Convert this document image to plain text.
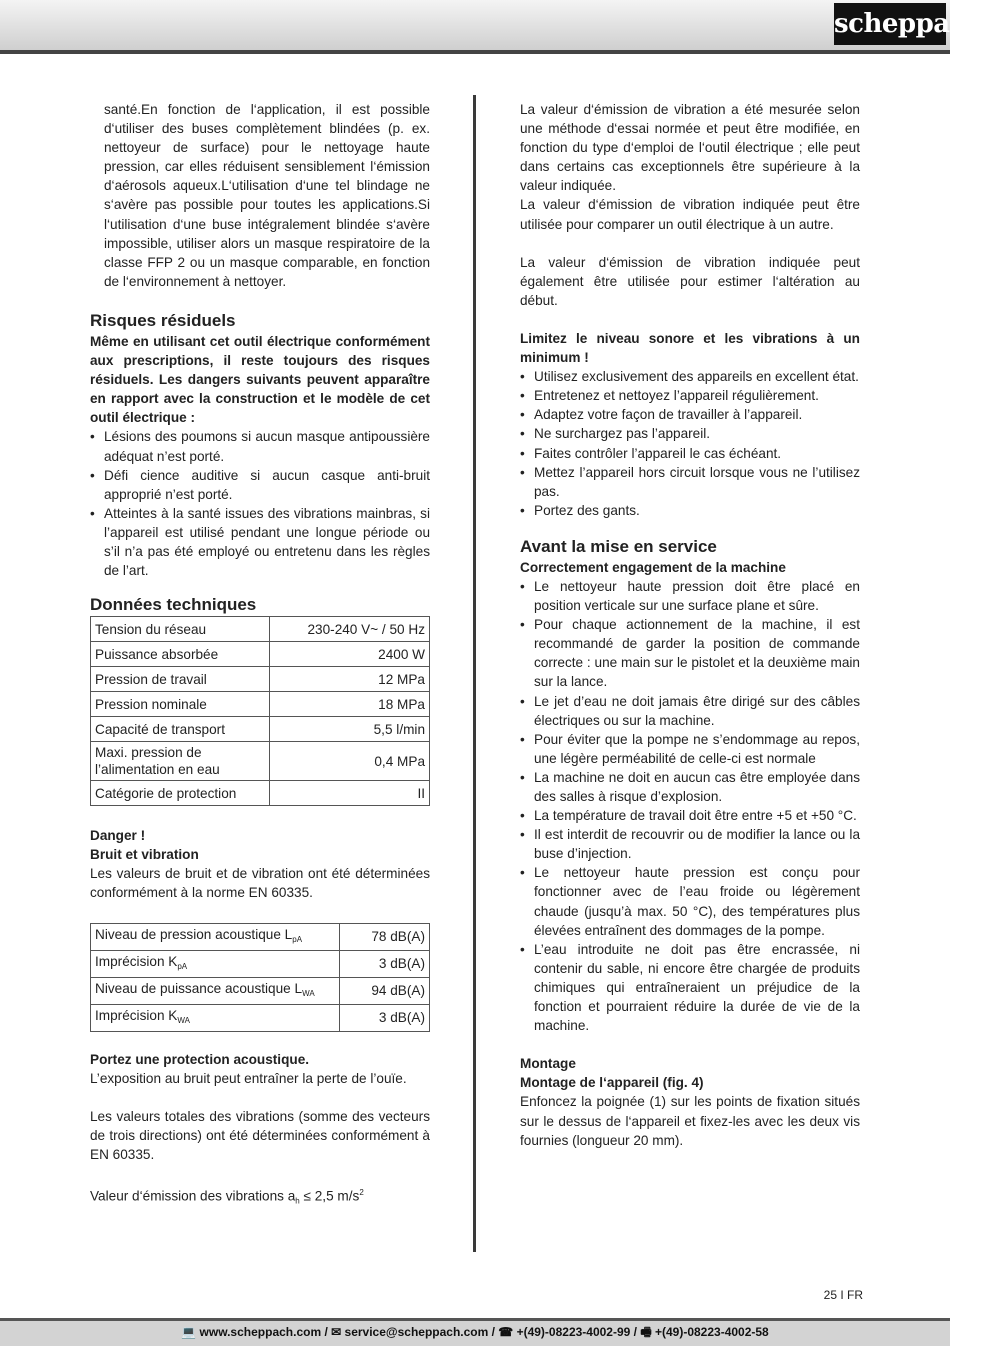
scheppach

santé.En fonction de l‘application, il est possible d‘utiliser des buses complètement blindées (p. ex. nettoyeur de surface) pour le nettoyage haute pression, car elles réduisent sensiblement l‘émission d‘aérosols aqueux.L‘utilisation d‘une tel blindage ne s‘avère pas possible pour toutes les applications.Si l‘utilisation d‘une buse intégralement blindée s‘avère impossible, utiliser alors un masque respiratoire de la classe FFP 2 ou un masque comparable, en fonction de l‘environnement à nettoyer.

Risques résiduels

Même en utilisant cet outil électrique conformément aux prescriptions, il reste toujours des risques résiduels. Les dangers suivants peuvent apparaître en rapport avec la construction et le modèle de cet outil électrique :

• Lésions des poumons si aucun masque antipoussière adéquat n’est porté.
• Défi cience auditive si aucun casque anti-bruit approprié n’est porté.
• Atteintes à la santé issues des vibrations mainbras, si l’appareil est utilisé pendant une longue période ou s’il n’a pas été employé ou entretenu dans les règles de l’art.
Données techniques
Tension du réseau	230-240 V~ / 50 Hz
Puissance absorbée	2400 W
Pression de travail	12 MPa
Pression nominale	18 MPa
Capacité de transport	5,5 l/min
Maxi. pression de l’alimentation en eau	0,4 MPa
Catégorie de protection	II

Danger !

Bruit et vibration

Les valeurs de bruit et de vibration ont été déterminées conformément à la norme EN 60335.

Niveau de pression acoustique $L_{pA}$	78 dB(A)
Imprécision $K_{pA}$	3 dB(A)
Niveau de puissance acoustique $L_{WA}$	94 dB(A)
Imprécision $K_{WA}$	3 dB(A)

Portez une protection acoustique.

L’exposition au bruit peut entraîner la perte de l’ouïe.

Les valeurs totales des vibrations (somme des vecteurs de trois directions) ont été déterminées conformément à EN 60335.

Valeur d‘émission des vibrations $a_h \le 2,5$ $m/s^2$

La valeur d‘émission de vibration a été mesurée selon une méthode d‘essai normée et peut être modifiée, en fonction du type d‘emploi de l‘outil électrique ; elle peut dans certains cas exceptionnels être supérieure à la valeur indiquée.

La valeur d‘émission de vibration indiquée peut être utilisée pour comparer un outil électrique à un autre.

La valeur d‘émission de vibration indiquée peut également être utilisée pour estimer l‘altération au début.

Limitez le niveau sonore et les vibrations à un minimum !

• Utilisez exclusivement des appareils en excellent état.
• Entretenez et nettoyez l’appareil régulièrement.
• Adaptez votre façon de travailler à l’appareil.
• Ne surchargez pas l’appareil.
• Faites contrôler l’appareil le cas échéant.
• Mettez l’appareil hors circuit lorsque vous ne l’utilisez pas.
• Portez des gants.
Avant la mise en service

Correctement engagement de la machine

• Le nettoyeur haute pression doit être placé en position verticale sur une surface plane et sûre.
• Pour chaque actionnement de la machine, il est recommandé de garder la position de commande correcte : une main sur le pistolet et la deuxième main sur la lance.
• Le jet d’eau ne doit jamais être dirigé sur des câbles électriques ou sur la machine.
• Pour éviter que la pompe ne s’endommage au repos, une légère perméabilité de celle-ci est normale
• La machine ne doit en aucun cas être employée dans des salles à risque d’explosion.
• La température de travail doit être entre +5 et +50 °C.
• Il est interdit de recouvrir ou de modifier la lance ou la buse d’injection.
• Le nettoyeur haute pression est conçu pour fonctionner avec de l’eau froide ou légèrement chaude (jusqu’à max. 50 °C), des températures plus élevées entraînent des dommages de la pompe.
• L’eau introduite ne doit pas être encrassée, ni contenir du sable, ni encore être chargée de produits chimiques qui entraîneraient un préjudice de la fonction et pourraient réduire la durée de vie de la machine.

Montage

Montage de l‘appareil (fig. 4)

Enfoncez la poignée (1) sur les points de fixation situés sur le dessus de l‘appareil et fixez-les avec les deux vis fournies (longueur 20 mm).

25 I FR
💻 www.scheppach.com / ✉ service@scheppach.com / ☎ +(49)-08223-4002-99 / 🖷 +(49)-08223-4002-58
